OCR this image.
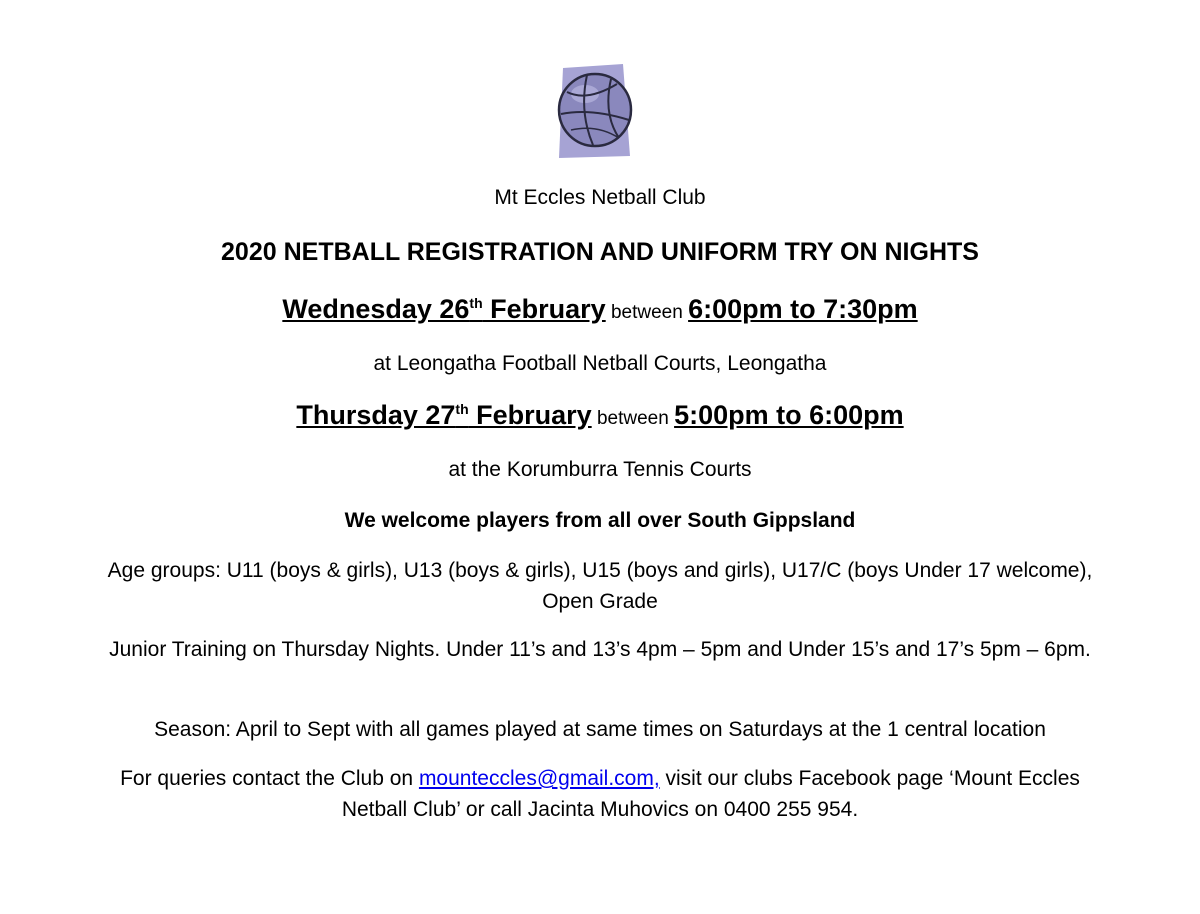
Mt Eccles Netball Club
2020 NETBALL REGISTRATION AND UNIFORM TRY ON NIGHTS
Wednesday 26th February between 6:00pm to 7:30pm
at Leongatha Football Netball Courts, Leongatha
Thursday 27th February between 5:00pm to 6:00pm
at the Korumburra Tennis Courts
We welcome players from all over South Gippsland
Age groups: U11 (boys & girls), U13 (boys & girls), U15 (boys and girls), U17/C (boys Under 17 welcome), Open Grade
Junior Training on Thursday Nights. Under 11’s and 13’s 4pm – 5pm and Under 15’s and 17’s 5pm – 6pm.
Season: April to Sept with all games played at same times on Saturdays at the 1 central location
For queries contact the Club on mounteccles@gmail.com, visit our clubs Facebook page ‘Mount Eccles Netball Club’ or call Jacinta Muhovics on 0400 255 954.
